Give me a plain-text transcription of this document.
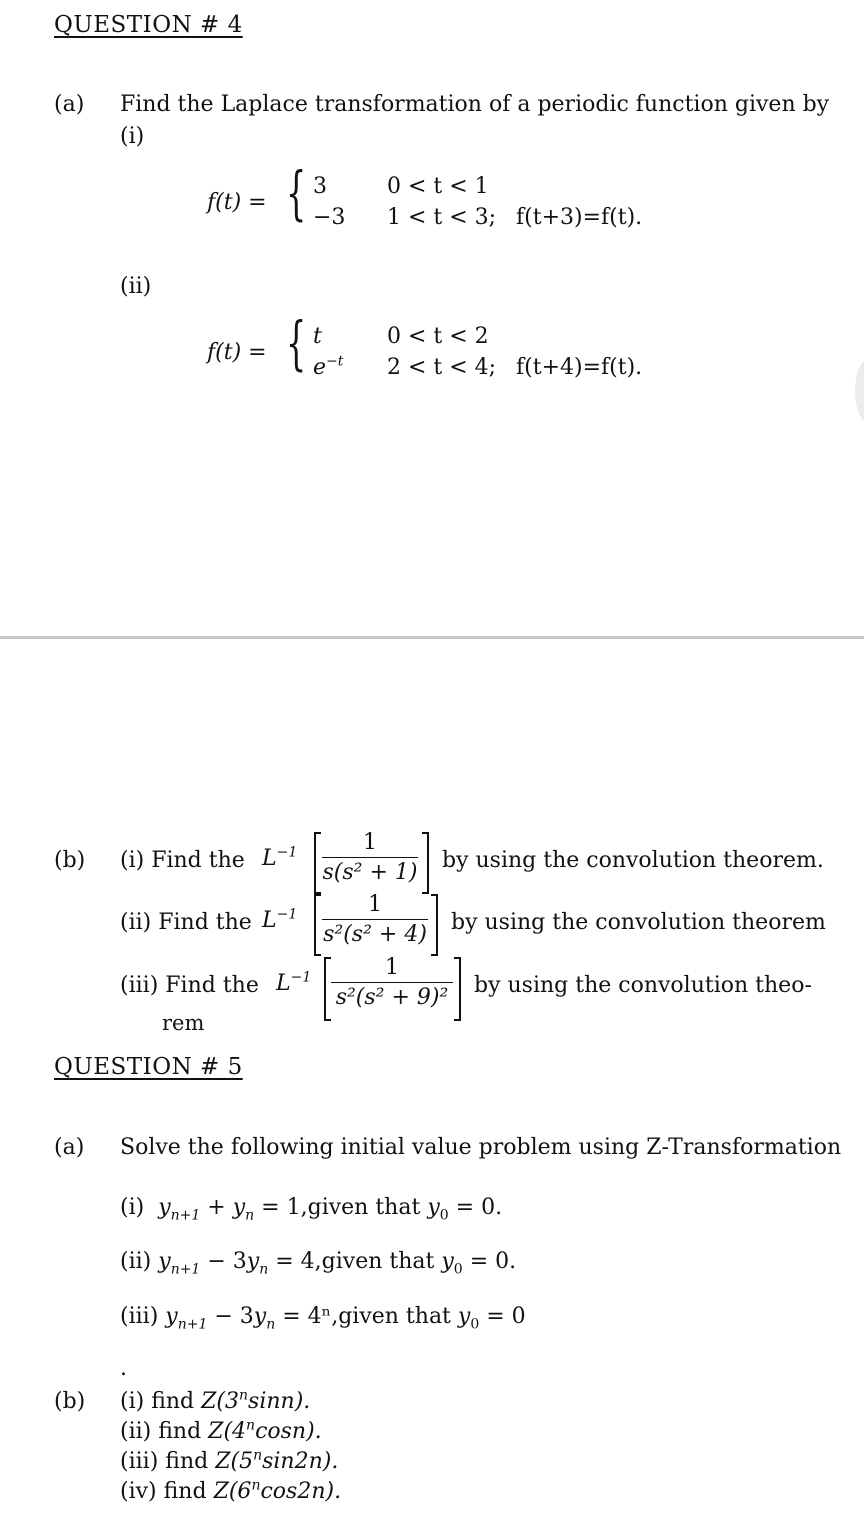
QUESTION # 4
(a) Find the Laplace transformation of a periodic function given by
(i)
f(t) = { 3	0 < t < 1
−3 1 < t < 3; f(t+3)=f(t).
(ii)
f(t) = { t	0 < t < 2
$e^{-t}$ 2 < t < 4; f(t+4)=f(t).
(b) (i) Find the $L^{-1} \frac{1}{\text{s(s² + 1)}}$ by using the convolution theorem.
(ii) Find the $L^{-1} \frac{1}{\text{s²(s² + 4)}}$ by using the convolution theorem
(iii) Find the $L^{-1} \frac{1}{\text{s²(s² + 9)²}}$ by using the convolution theo-
rem
QUESTION # 5
(a) Solve the following initial value problem using Z-Transformation
(i) $y_{n+1} + y_n$ = 1,given that $y_0 = 0$.
(ii) $y_{n+1} - 3y_n$ = 4,given that $y_0 = 0$.
(iii) $y_{n+1} - 3y_n$ = 4ⁿ,given that $y_0 = 0$
.
(b) (i) find Z(3$^n$sinn).
(ii) find Z(4$^n$cosn).
(iii) find Z(5$^n$sin2n).
(iv) find Z(6$^n$cos2n).
